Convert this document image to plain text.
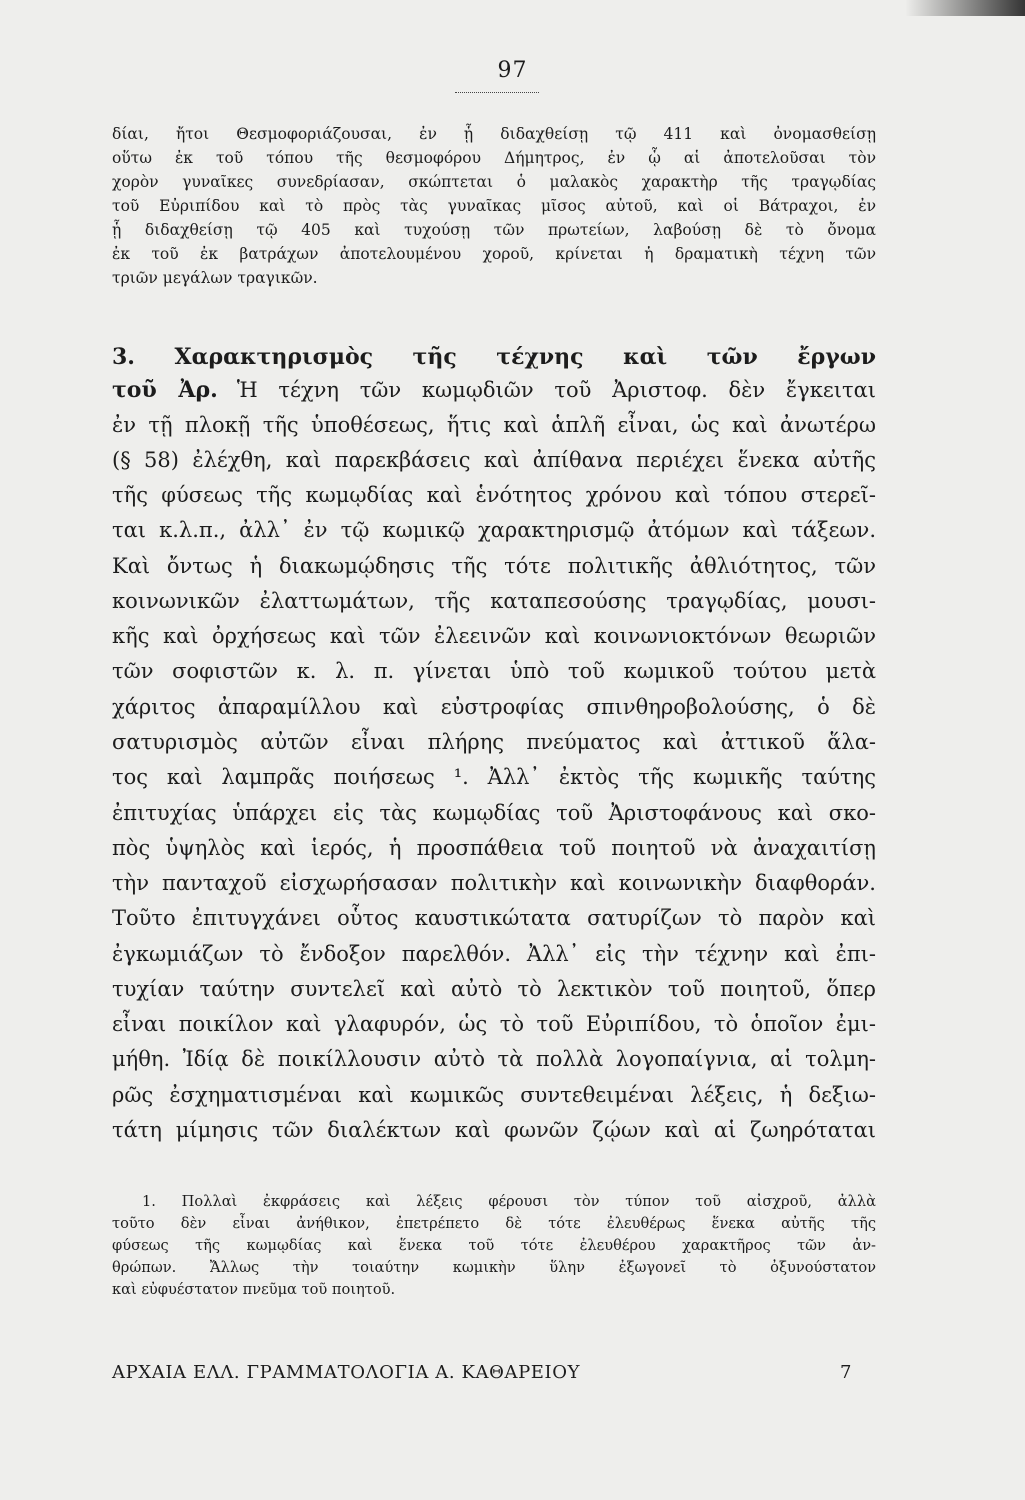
97

δίαι, ἤτοι Θεσμοφοριάζουσαι, ἐν ᾗ διδαχθείσῃ τῷ 411 καὶ ὀνομασθείσῃ

οὕτω ἐκ τοῦ τόπου τῆς θεσμοφόρου Δήμητρος, ἐν ᾧ αἱ ἀποτελοῦσαι τὸν

χορὸν γυναῖκες συνεδρίασαν, σκώπτεται ὁ μαλακὸς χαρακτὴρ τῆς τραγῳδίας

τοῦ Εὐριπίδου καὶ τὸ πρὸς τὰς γυναῖκας μῖσος αὐτοῦ, καὶ οἱ Βάτραχοι, ἐν

ᾗ διδαχθείσῃ τῷ 405 καὶ τυχούσῃ τῶν πρωτείων, λαβούσῃ δὲ τὸ ὄνομα

ἐκ τοῦ ἐκ βατράχων ἀποτελουμένου χοροῦ, κρίνεται ἡ δραματικὴ τέχνη τῶν

τριῶν μεγάλων τραγικῶν.

3. Χαρακτηρισμὸς τῆς τέχνης καὶ τῶν ἔργων

τοῦ Ἀρ. Ἡ τέχνη τῶν κωμῳδιῶν τοῦ Ἀριστοφ. δὲν ἔγκειται

ἐν τῇ πλοκῇ τῆς ὑποθέσεως, ἥτις καὶ ἁπλῆ εἶναι, ὡς καὶ ἀνωτέρω

(§ 58) ἐλέχθη, καὶ παρεκβάσεις καὶ ἀπίθανα περιέχει ἕνεκα αὐτῆς

τῆς φύσεως τῆς κωμῳδίας καὶ ἑνότητος χρόνου καὶ τόπου στερεῖ-

ται κ.λ.π., ἀλλ᾽ ἐν τῷ κωμικῷ χαρακτηρισμῷ ἀτόμων καὶ τάξεων.

Καὶ ὄντως ἡ διακωμῴδησις τῆς τότε πολιτικῆς ἀθλιότητος, τῶν

κοινωνικῶν ἐλαττωμάτων, τῆς καταπεσούσης τραγῳδίας, μουσι-

κῆς καὶ ὀρχήσεως καὶ τῶν ἐλεεινῶν καὶ κοινωνιοκτόνων θεωριῶν

τῶν σοφιστῶν κ. λ. π. γίνεται ὑπὸ τοῦ κωμικοῦ τούτου μετὰ

χάριτος ἀπαραμίλλου καὶ εὐστροφίας σπινθηροβολούσης, ὁ δὲ

σατυρισμὸς αὐτῶν εἶναι πλήρης πνεύματος καὶ ἀττικοῦ ἅλα-

τος καὶ λαμπρᾶς ποιήσεως ¹. Ἀλλ᾽ ἐκτὸς τῆς κωμικῆς ταύτης

ἐπιτυχίας ὑπάρχει εἰς τὰς κωμῳδίας τοῦ Ἀριστοφάνους καὶ σκο-

πὸς ὑψηλὸς καὶ ἱερός, ἡ προσπάθεια τοῦ ποιητοῦ νὰ ἀναχαιτίσῃ

τὴν πανταχοῦ εἰσχωρήσασαν πολιτικὴν καὶ κοινωνικὴν διαφθοράν.

Τοῦτο ἐπιτυγχάνει οὗτος καυστικώτατα σατυρίζων τὸ παρὸν καὶ

ἐγκωμιάζων τὸ ἔνδοξον παρελθόν. Ἀλλ᾽ εἰς τὴν τέχνην καὶ ἐπι-

τυχίαν ταύτην συντελεῖ καὶ αὐτὸ τὸ λεκτικὸν τοῦ ποιητοῦ, ὅπερ

εἶναι ποικίλον καὶ γλαφυρόν, ὡς τὸ τοῦ Εὐριπίδου, τὸ ὁποῖον ἐμι-

μήθη. Ἰδίᾳ δὲ ποικίλλουσιν αὐτὸ τὰ πολλὰ λογοπαίγνια, αἱ τολμη-

ρῶς ἐσχηματισμέναι καὶ κωμικῶς συντεθειμέναι λέξεις, ἡ δεξιω-

τάτη μίμησις τῶν διαλέκτων καὶ φωνῶν ζῴων καὶ αἱ ζωηρόταται

1. Πολλαὶ ἐκφράσεις καὶ λέξεις φέρουσι τὸν τύπον τοῦ αἰσχροῦ, ἀλλὰ

τοῦτο δὲν εἶναι ἀνήθικον, ἐπετρέπετο δὲ τότε ἐλευθέρως ἕνεκα αὐτῆς τῆς

φύσεως τῆς κωμῳδίας καὶ ἕνεκα τοῦ τότε ἐλευθέρου χαρακτῆρος τῶν ἀν-

θρώπων. Ἄλλως τὴν τοιαύτην κωμικὴν ὕλην ἐξωγονεῖ τὸ ὀξυνούστατον

καὶ εὐφυέστατον πνεῦμα τοῦ ποιητοῦ.

ΑΡΧΑΙΑ ΕΛΛ. ΓΡΑΜΜΑΤΟΛΟΓΙΑ Α. ΚΑΘΑΡΕΙΟΥ	7
